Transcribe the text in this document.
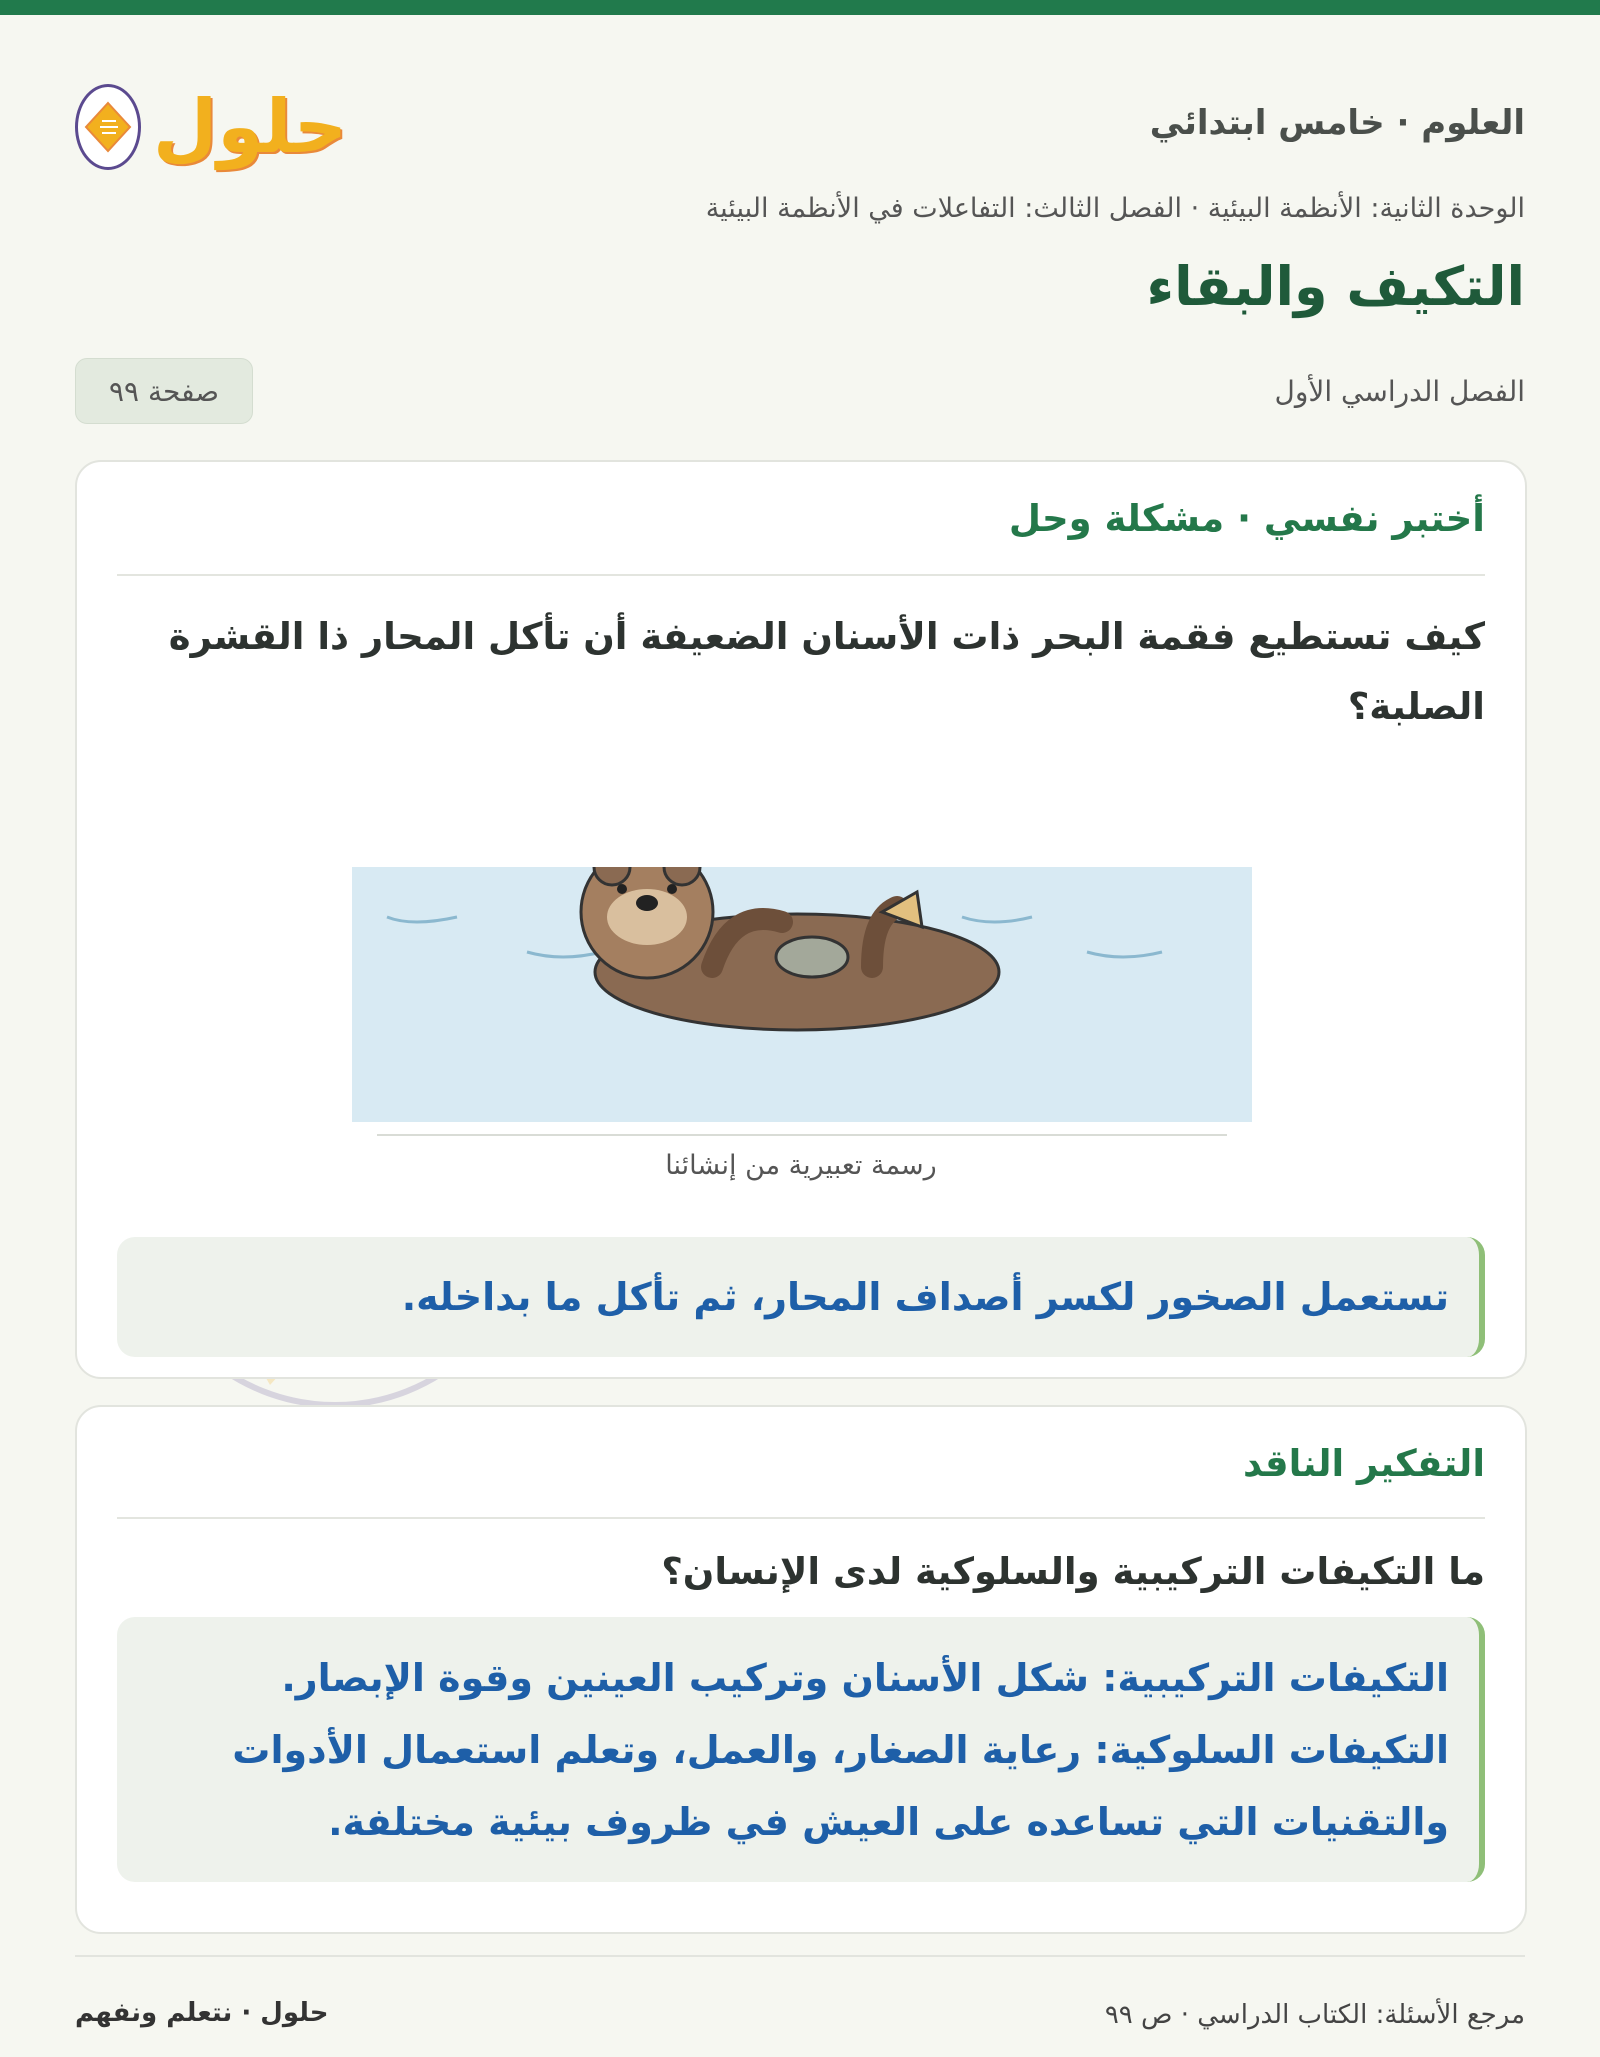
العلوم · خامس ابتدائي
حلول
الوحدة الثانية: الأنظمة البيئية · الفصل الثالث: التفاعلات في الأنظمة البيئية
التكيف والبقاء
الفصل الدراسي الأول
صفحة ٩٩
أختبر نفسي · مشكلة وحل
كيف تستطيع فقمة البحر ذات الأسنان الضعيفة أن تأكل المحار ذا القشرة الصلبة؟
رسمة تعبيرية من إنشائنا
تستعمل الصخور لكسر أصداف المحار، ثم تأكل ما بداخله.
التفكير الناقد
ما التكيفات التركيبية والسلوكية لدى الإنسان؟
التكيفات التركيبية: شكل الأسنان وتركيب العينين وقوة الإبصار.
التكيفات السلوكية: رعاية الصغار، والعمل، وتعلم استعمال الأدوات والتقنيات التي تساعده على العيش في ظروف بيئية مختلفة.
مرجع الأسئلة: الكتاب الدراسي · ص ٩٩
حلول · نتعلم ونفهم
